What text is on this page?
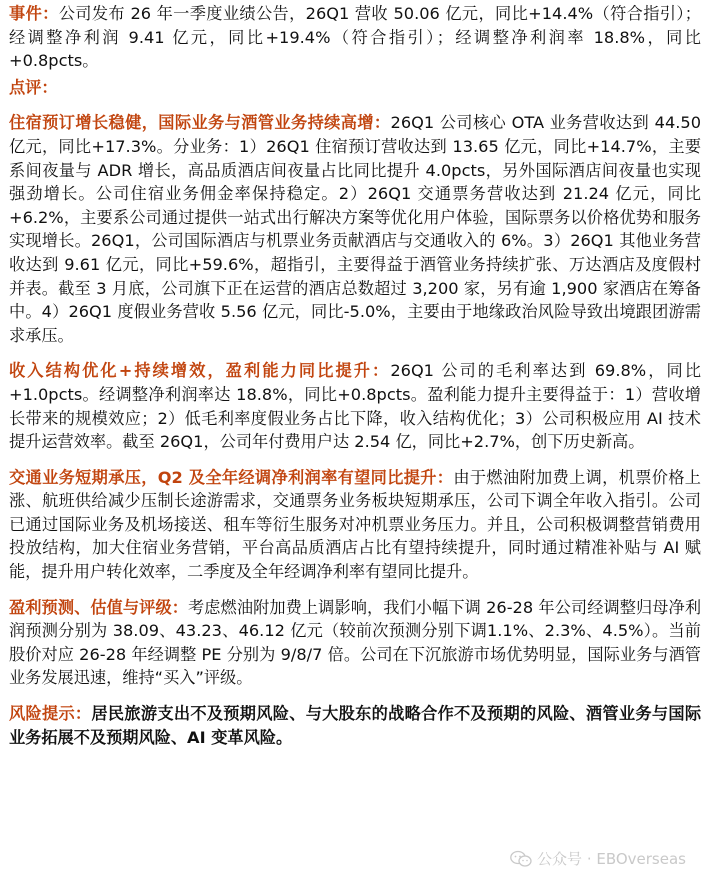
事件：公司发布 26 年一季度业绩公告，26Q1 营收 50.06 亿元，同比+14.4%（符合指引）；经调整净利润 9.41 亿元，同比+19.4%（符合指引）；经调整净利润率 18.8%，同比+0.8pcts。

点评：

住宿预订增长稳健，国际业务与酒管业务持续高增：26Q1 公司核心 OTA 业务营收达到 44.50 亿元，同比+17.3%。分业务：1）26Q1 住宿预订营收达到 13.65 亿元，同比+14.7%，主要系间夜量与 ADR 增长，高品质酒店间夜量占比同比提升 4.0pcts，另外国际酒店间夜量也实现强劲增长。公司住宿业务佣金率保持稳定。2）26Q1 交通票务营收达到 21.24 亿元，同比+6.2%，主要系公司通过提供一站式出行解决方案等优化用户体验，国际票务以价格优势和服务实现增长。26Q1，公司国际酒店与机票业务贡献酒店与交通收入的 6%。3）26Q1 其他业务营收达到 9.61 亿元，同比+59.6%，超指引，主要得益于酒管业务持续扩张、万达酒店及度假村并表。截至 3 月底，公司旗下正在运营的酒店总数超过 3,200 家，另有逾 1,900 家酒店在筹备中。4）26Q1 度假业务营收 5.56 亿元，同比-5.0%，主要由于地缘政治风险导致出境跟团游需求承压。

收入结构优化+持续增效，盈利能力同比提升：26Q1 公司的毛利率达到 69.8%，同比+1.0pcts。经调整净利润率达 18.8%，同比+0.8pcts。盈利能力提升主要得益于：1）营收增长带来的规模效应；2）低毛利率度假业务占比下降，收入结构优化；3）公司积极应用 AI 技术提升运营效率。截至 26Q1，公司年付费用户达 2.54 亿，同比+2.7%，创下历史新高。

交通业务短期承压，Q2 及全年经调净利润率有望同比提升：由于燃油附加费上调，机票价格上涨、航班供给减少压制长途游需求，交通票务业务板块短期承压，公司下调全年收入指引。公司已通过国际业务及机场接送、租车等衍生服务对冲机票业务压力。并且，公司积极调整营销费用投放结构，加大住宿业务营销，平台高品质酒店占比有望持续提升，同时通过精准补贴与 AI 赋能，提升用户转化效率，二季度及全年经调净利率有望同比提升。

盈利预测、估值与评级：考虑燃油附加费上调影响，我们小幅下调 26-28 年公司经调整归母净利润预测分别为 38.09、43.23、46.12 亿元（较前次预测分别下调1.1%、2.3%、4.5%）。当前股价对应 26-28 年经调整 PE 分别为 9/8/7 倍。公司在下沉旅游市场优势明显，国际业务与酒管业务发展迅速，维持“买入”评级。

风险提示：居民旅游支出不及预期风险、与大股东的战略合作不及预期的风险、酒管业务与国际业务拓展不及预期风险、AI 变革风险。

公众号 · EBOverseas
